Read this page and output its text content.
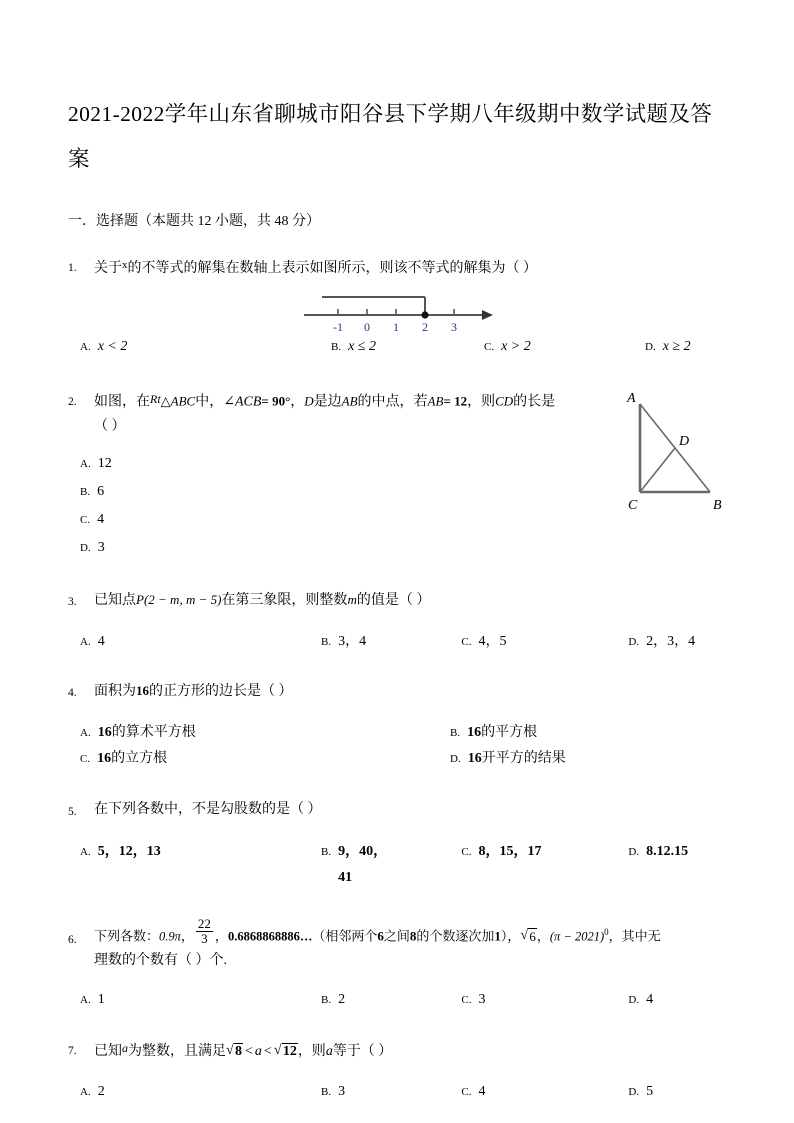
2021-2022学年山东省聊城市阳谷县下学期八年级期中数学试题及答案
一．选择题（本题共 12 小题，共 48 分）
1.	关于$^x$的不等式的解集在数轴上表示如图所示，则该不等式的解集为（ ）
-1 0 1 2 3
A. x < 2	B. x ≤ 2	C. x > 2	D. x ≥ 2
2.	如图，在Rt△ABC中，∠ACB= 90°，D是边AB的中点，若AB= 12，则CD的长是
（ ）
A
C	B
D
A. 12
B. 6
C. 4
D. 3
3.	已知点P(2 − m, m − 5)在第三象限，则整数m的值是（ ）
A. 4	B. 3，4	C. 4，5	D. 2，3，4
4.	面积为16的正方形的边长是（ ）
A. 16的算术平方根	B. 16的平方根
C. 16的立方根	D. 16开平方的结果
5.	在下列各数中，不是勾股数的是（ ）
A. 5，12，13	B. 9，40，41
C. 8，15，17	D. 8.12.15
6.	下列各数：0.9π， $\frac{22}{3}$ ，0.6868868886…（相邻两个6之间8的个数逐次加1）， √ 6，$(\pi - 2021)^0$，其中无
理数的个数有（ ）个.
A. 1	B. 2	C. 3	D. 4
7.	已知a为整数，且满足 √ 8 < a < √ 12，则a等于（ ）
A. 2	B. 3	C. 4	D. 5
